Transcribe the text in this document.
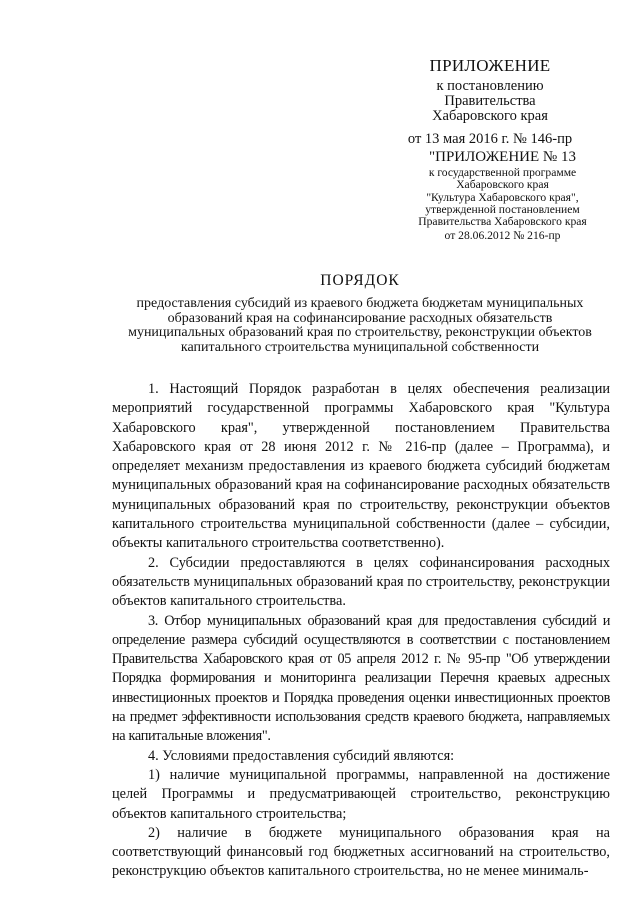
ПРИЛОЖЕНИЕ
к постановлению
Правительства
Хабаровского края
от 13 мая 2016 г. № 146-пр
"ПРИЛОЖЕНИЕ № 13
к государственной программе
Хабаровского края
"Культура Хабаровского края",
утвержденной постановлением
Правительства Хабаровского края
от 28.06.2012 № 216-пр
ПОРЯДОК
предоставления субсидий из краевого бюджета бюджетам муниципальных
образований края на софинансирование расходных обязательств
муниципальных образований края по строительству, реконструкции объектов
капитального строительства муниципальной собственности

1. Настоящий Порядок разработан в целях обеспечения реализации мероприятий государственной программы Хабаровского края "Культура Хабаровского края", утвержденной постановлением Правительства Хабаровского края от 28 июня 2012 г. № 216-пр (далее – Программа), и определяет механизм предоставления из краевого бюджета субсидий бюджетам муниципальных образований края на софинансирование расходных обязательств муниципальных образований края по строительству, реконструкции объектов капитального строительства муниципальной собственности (далее – субсидии, объекты капитального строительства соответственно).

2. Субсидии предоставляются в целях софинансирования расходных обязательств муниципальных образований края по строительству, реконструкции объектов капитального строительства.

3. Отбор муниципальных образований края для предоставления субсидий и определение размера субсидий осуществляются в соответствии с постановлением Правительства Хабаровского края от 05 апреля 2012 г. № 95-пр "Об утверждении Порядка формирования и мониторинга реализации Перечня краевых адресных инвестиционных проектов и Порядка проведения оценки инвестиционных проектов на предмет эффективности использования средств краевого бюджета, направляемых на капитальные вложения".

4. Условиями предоставления субсидий являются:

1) наличие муниципальной программы, направленной на достижение целей Программы и предусматривающей строительство, реконструкцию объектов капитального строительства;

2) наличие в бюджете муниципального образования края на соответствующий финансовый год бюджетных ассигнований на строительство, реконструкцию объектов капитального строительства, но не менее минималь-
